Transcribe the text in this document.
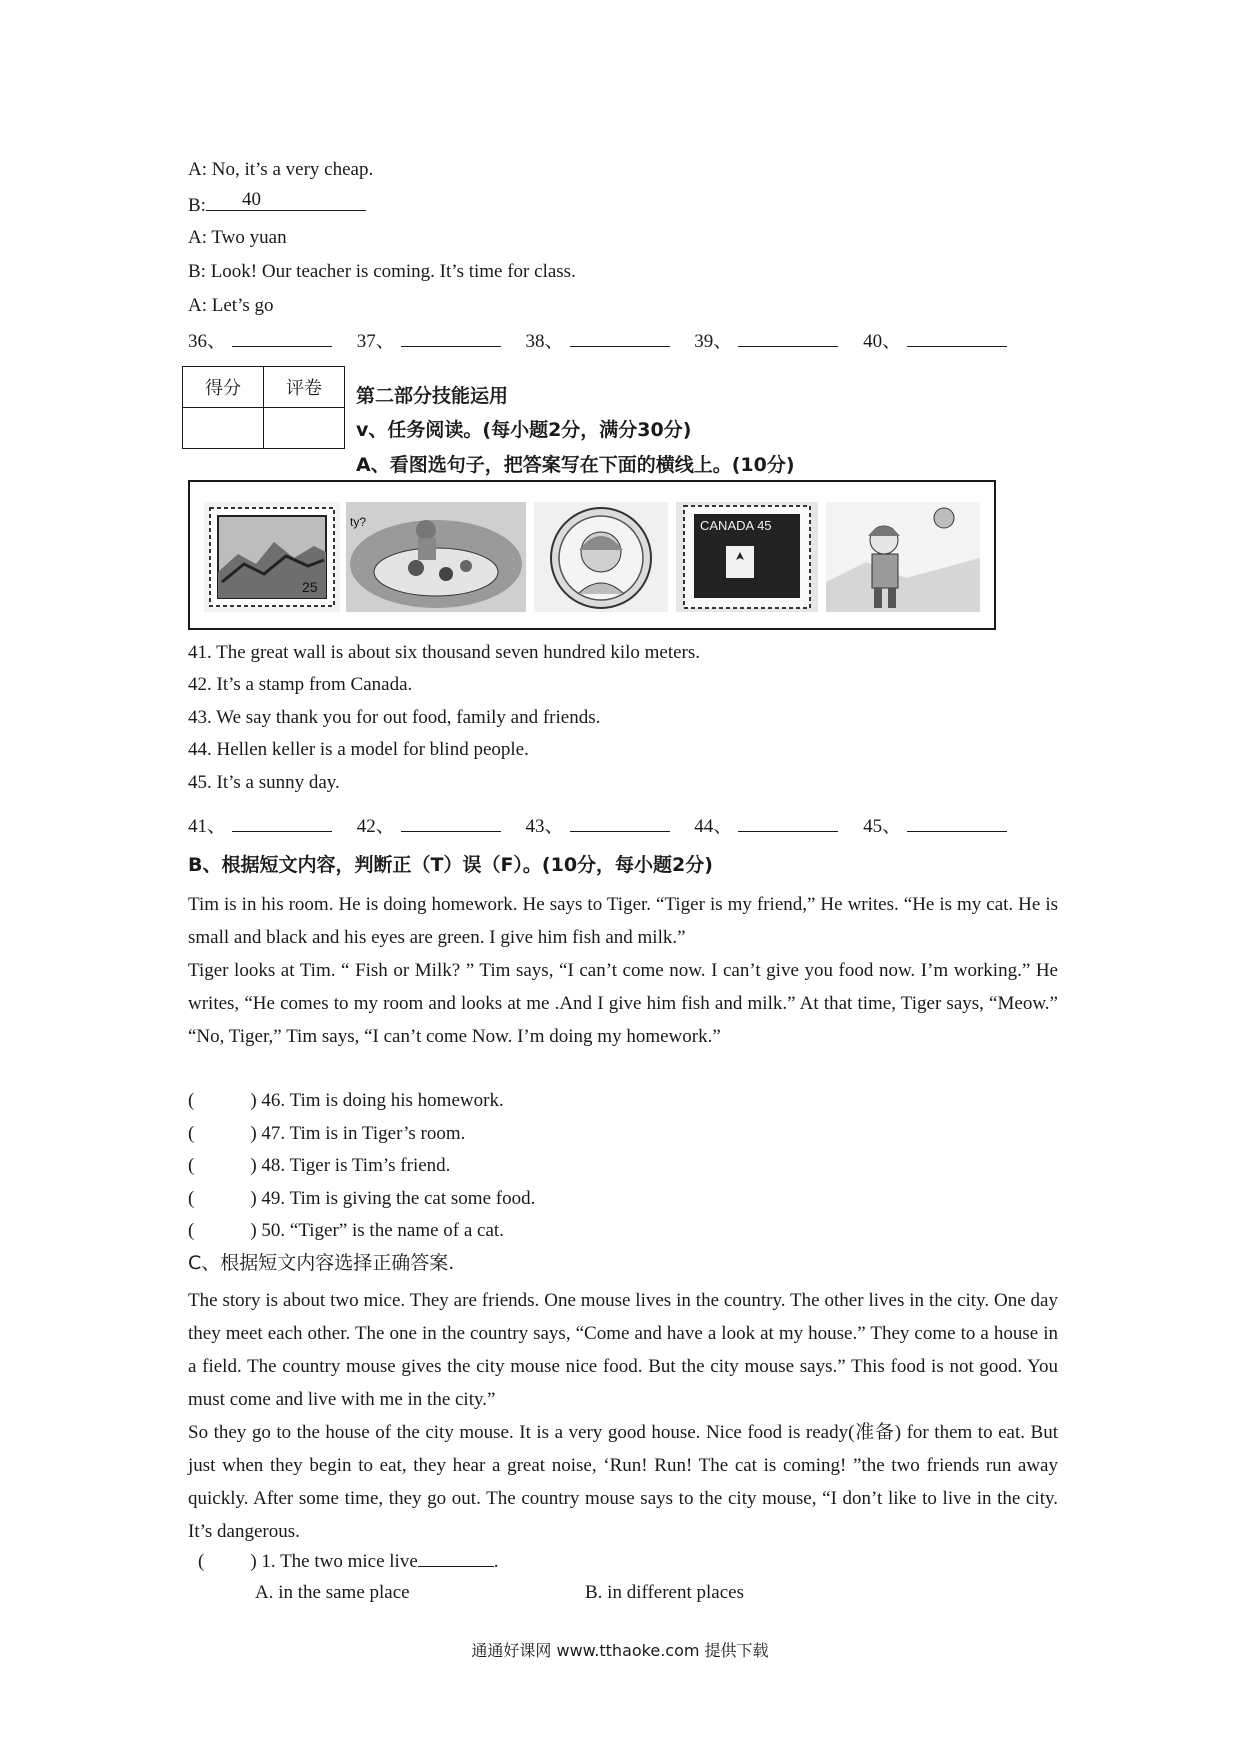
A: No, it’s a very cheap.
B: 40
A: Two yuan
B: Look! Our teacher is coming. It’s time for class.
A: Let’s go
36、	37、	38、	39、	40、
得分	评卷
	第二部分技能运用
v、任务阅读。(每小题2分，满分30分)
A、看图选句子，把答案写在下面的横线上。(10分)
25
ty?	CANADA 45
41. The great wall is about six thousand seven hundred kilo meters.
42. It’s a stamp from Canada.
43. We say thank you for out food, family and friends.
44. Hellen keller is a model for blind people.
45. It’s a sunny day.
41、	42、	43、	44、	45、
B、根据短文内容，判断正（T）误（F）。(10分，每小题2分)
Tim is in his room. He is doing homework. He says to Tiger. “Tiger is my friend,” He writes. “He is my cat. He is small and black and his eyes are green. I give him fish and milk.”
Tiger looks at Tim. “ Fish or Milk? ” Tim says, “I can’t come now. I can’t give you food now. I’m working.” He writes, “He comes to my room and looks at me .And I give him fish and milk.” At that time, Tiger says, “Meow.” “No, Tiger,” Tim says, “I can’t come Now. I’m doing my homework.”
(	) 46. Tim is doing his homework.
(	) 47. Tim is in Tiger’s room.
(	) 48. Tiger is Tim’s friend.
(	) 49. Tim is giving the cat some food.
(	) 50. “Tiger” is the name of a cat.
C、根据短文内容选择正确答案.
The story is about two mice. They are friends. One mouse lives in the country. The other lives in the city. One day they meet each other. The one in the country says, “Come and have a look at my house.” They come to a house in a field. The country mouse gives the city mouse nice food. But the city mouse says.” This food is not good. You must come and live with me in the city.”
So they go to the house of the city mouse. It is a very good house. Nice food is ready(准备) for them to eat. But just when they begin to eat, they hear a great noise, ‘Run! Run! The cat is coming! ”the two friends run away quickly. After some time, they go out. The country mouse says to the city mouse, “I don’t like to live in the city. It’s dangerous.
( ) 1. The two mice live	.
A. in the same place	B. in different places
通通好课网 www.tthaoke.com 提供下载
